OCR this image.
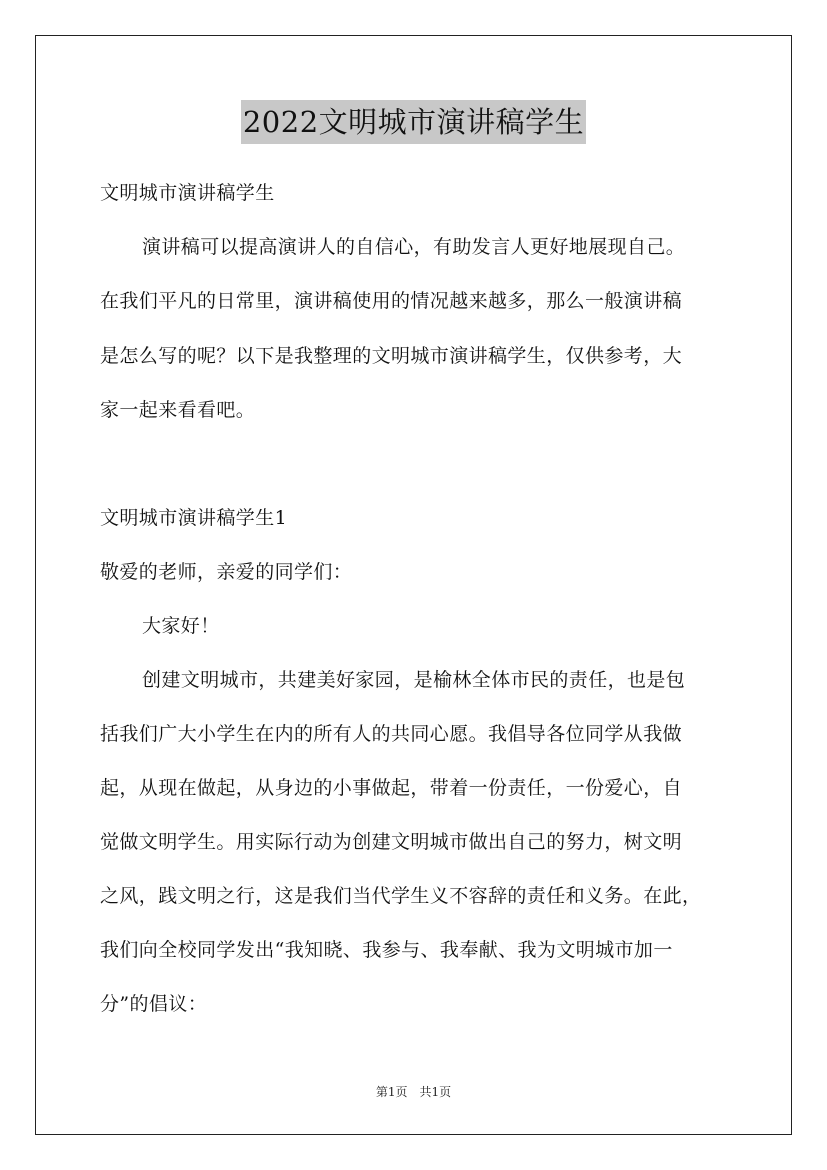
2022文明城市演讲稿学生
文明城市演讲稿学生
演讲稿可以提高演讲人的自信心，有助发言人更好地展现自己。
在我们平凡的日常里，演讲稿使用的情况越来越多，那么一般演讲稿
是怎么写的呢？以下是我整理的文明城市演讲稿学生，仅供参考，大
家一起来看看吧。
文明城市演讲稿学生1
敬爱的老师，亲爱的同学们：
大家好！
创建文明城市，共建美好家园，是榆林全体市民的责任，也是包
括我们广大小学生在内的所有人的共同心愿。我倡导各位同学从我做
起，从现在做起，从身边的小事做起，带着一份责任，一份爱心，自
觉做文明学生。用实际行动为创建文明城市做出自己的努力，树文明
之风，践文明之行，这是我们当代学生义不容辞的责任和义务。在此，
我们向全校同学发出“我知晓、我参与、我奉献、我为文明城市加一
分”的倡议：
第1页 共1页
